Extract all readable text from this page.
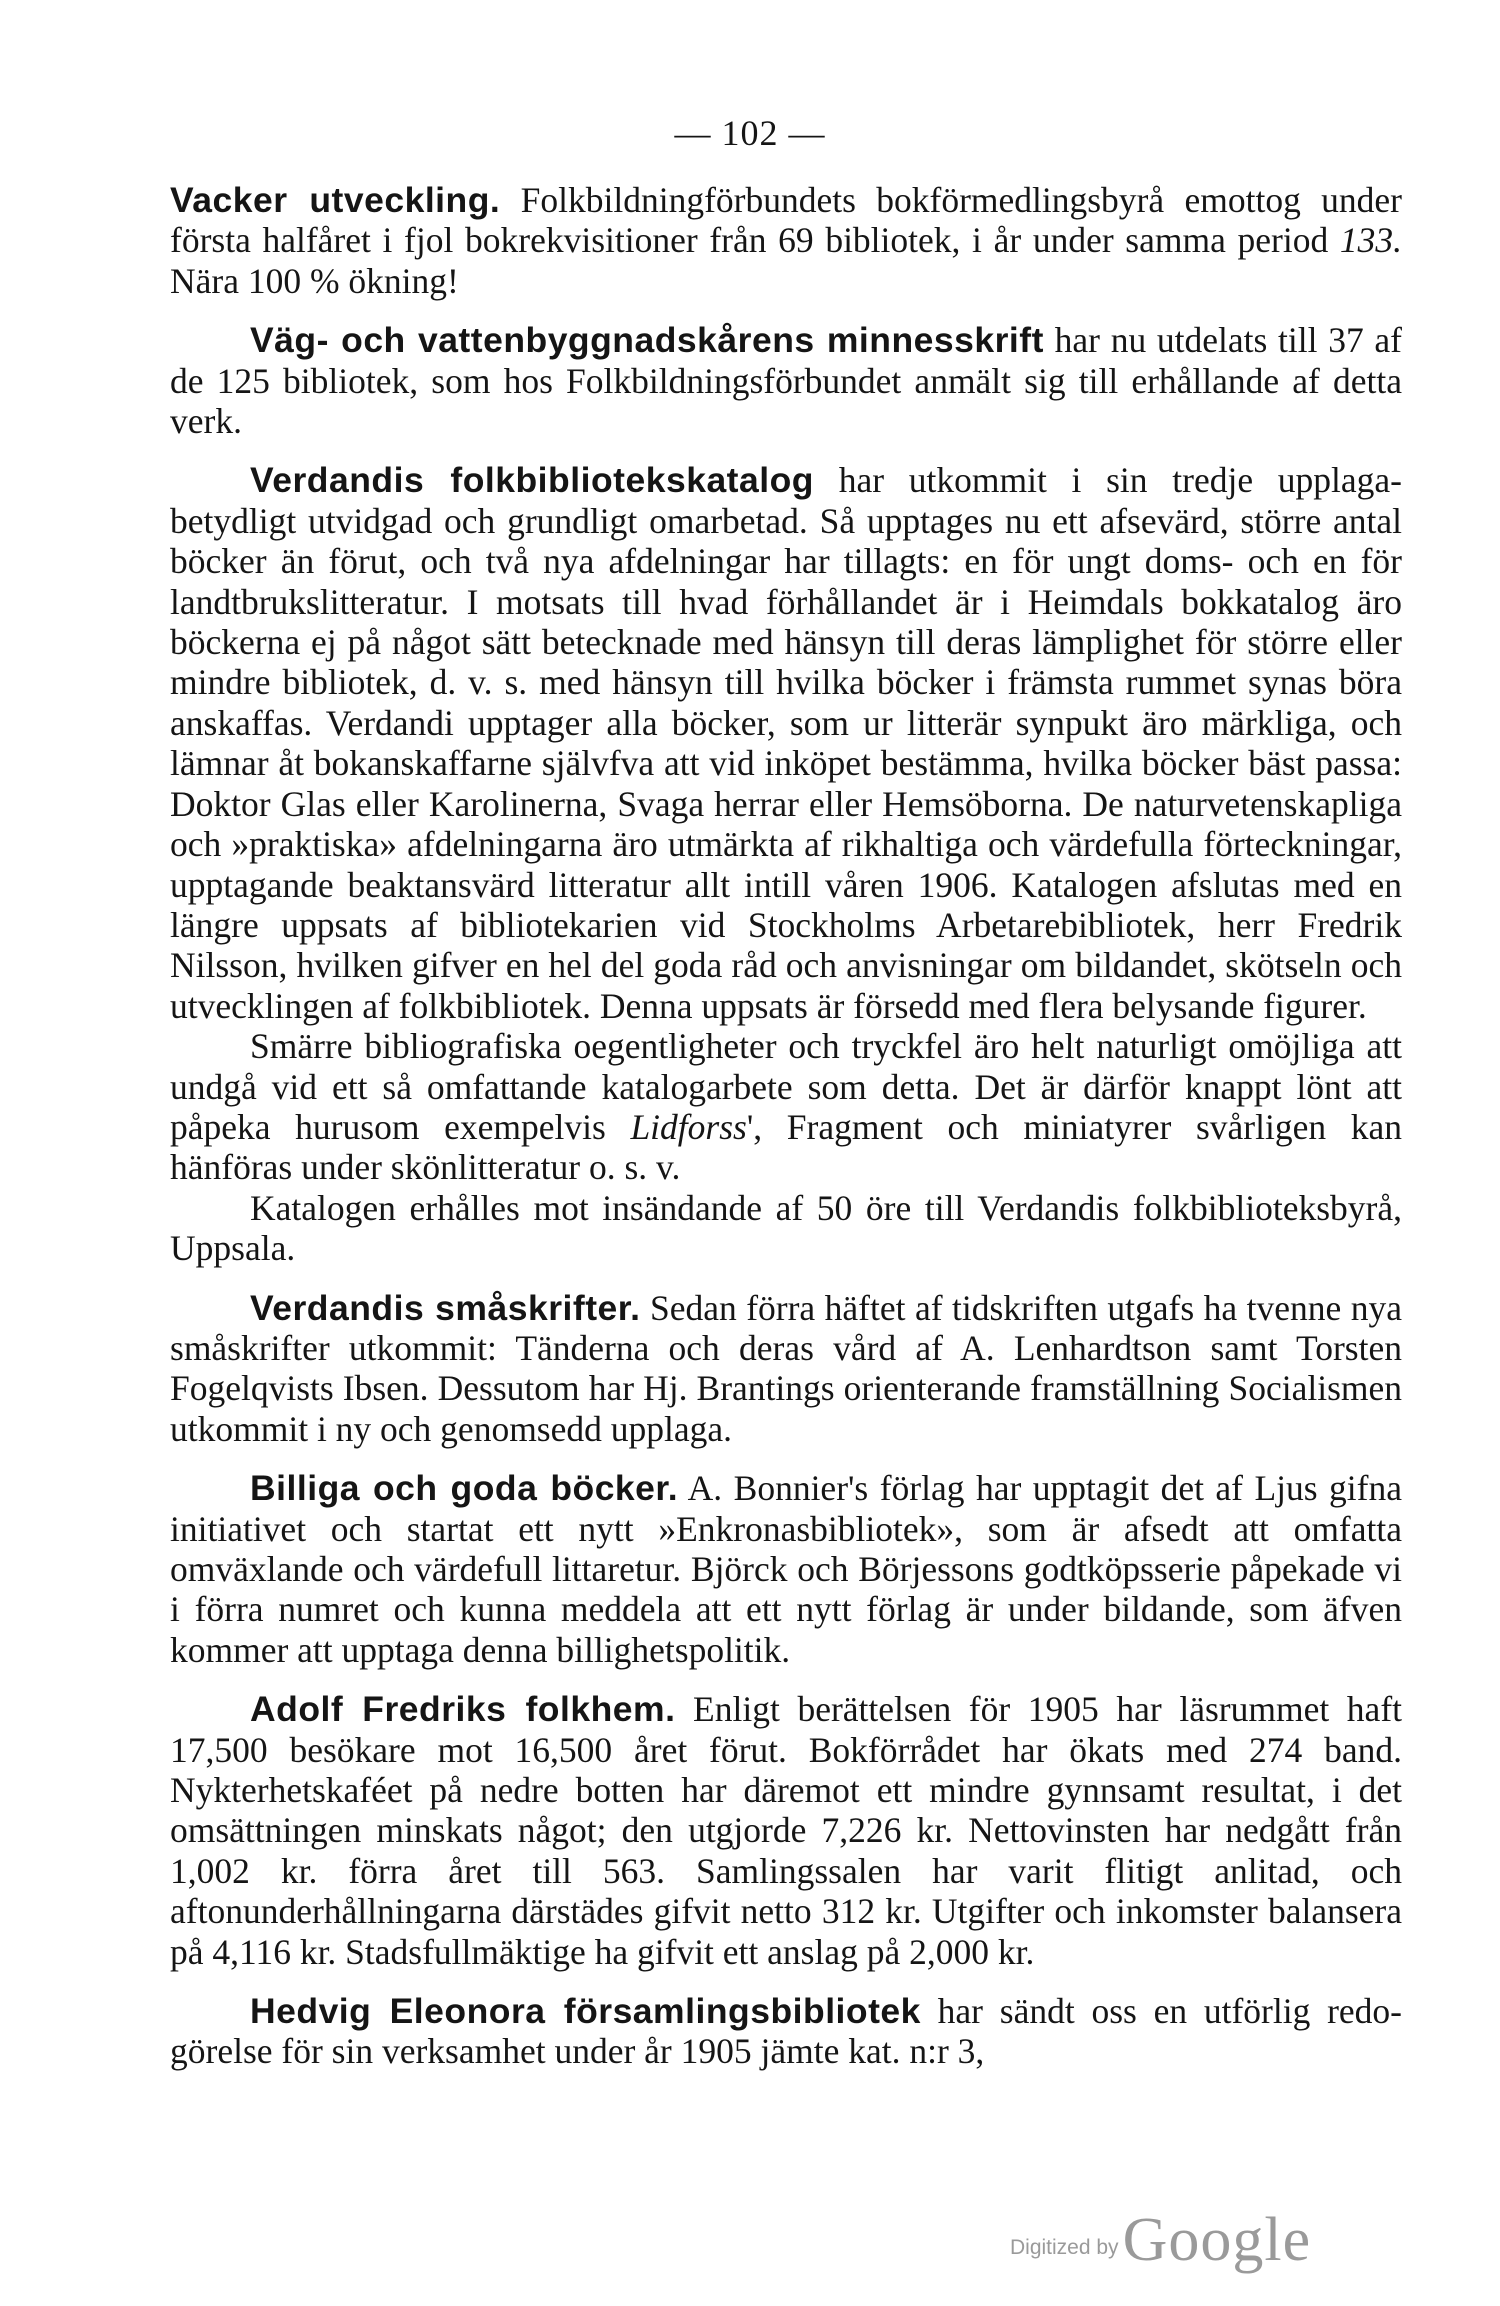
— 102 —

Vacker utveckling. Folkbildningförbundets bokförmedlingsbyrå emottog under första halfåret i fjol bokrekvisitioner från 69 bibliotek, i år under samma period 133. Nära 100 % ökning!

Väg- och vattenbyggnadskårens minnesskrift har nu utdelats till 37 af de 125 bibliotek, som hos Folkbildningsförbundet anmält sig till erhållande af detta verk.

Verdandis folkbibliotekskatalog har utkommit i sin tredje upplagabetydligt utvidgad och grundligt omarbetad. Så upptages nu ett afsevärd, större antal böcker än förut, och två nya afdelningar har tillagts: en för ungt doms- och en för landtbrukslitteratur. I motsats till hvad förhållandet är i Heimdals bokkatalog äro böckerna ej på något sätt betecknade med hänsyn till deras lämplighet för större eller mindre bibliotek, d. v. s. med hänsyn till hvilka böcker i främsta rummet synas böra anskaffas. Verdandi upptager alla böcker, som ur litterär synpukt äro märkliga, och lämnar åt bokanskaffarne självfva att vid inköpet bestämma, hvilka böcker bäst passa: Doktor Glas eller Karolinerna, Svaga herrar eller Hemsöborna. De naturvetenskapliga och »praktiska» afdelningarna äro utmärkta af rikhaltiga och värdefulla förteckningar, upptagande beaktansvärd litteratur allt intill våren 1906. Katalogen afslutas med en längre uppsats af bibliotekarien vid Stockholms Arbetarebibliotek, herr Fredrik Nilsson, hvilken gifver en hel del goda råd och anvisningar om bildandet, skötseln och utvecklingen af folkbibliotek. Denna uppsats är försedd med flera belysande figurer.

Smärre bibliografiska oegentligheter och tryckfel äro helt naturligt omöjliga att undgå vid ett så omfattande katalogarbete som detta. Det är därför knappt lönt att påpeka hurusom exempelvis Lidforss', Fragment och miniatyrer svårligen kan hänföras under skönlitteratur o. s. v.

Katalogen erhålles mot insändande af 50 öre till Verdandis folkbiblioteksbyrå, Uppsala.

Verdandis småskrifter. Sedan förra häftet af tidskriften utgafs ha tvenne nya småskrifter utkommit: Tänderna och deras vård af A. Lenhardtson samt Torsten Fogelqvists Ibsen. Dessutom har Hj. Brantings orienterande framställning Socialismen utkommit i ny och genomsedd upplaga.

Billiga och goda böcker. A. Bonnier's förlag har upptagit det af Ljus gifna initiativet och startat ett nytt »Enkronasbibliotek», som är afsedt att omfatta omväxlande och värdefull littaretur. Björck och Börjessons godtköpsserie påpekade vi i förra numret och kunna meddela att ett nytt förlag är under bildande, som äfven kommer att upptaga denna billighetspolitik.

Adolf Fredriks folkhem. Enligt berättelsen för 1905 har läsrummet haft 17,500 besökare mot 16,500 året förut. Bokförrådet har ökats med 274 band. Nykterhetskaféet på nedre botten har däremot ett mindre gynnsamt resultat, i det omsättningen minskats något; den utgjorde 7,226 kr. Nettovinsten har nedgått från 1,002 kr. förra året till 563. Samlingssalen har varit flitigt anlitad, och aftonunderhållningarna därstädes gifvit netto 312 kr. Utgifter och inkomster balansera på 4,116 kr. Stadsfullmäktige ha gifvit ett anslag på 2,000 kr.

Hedvig Eleonora församlingsbibliotek har sändt oss en utförlig redogörelse för sin verksamhet under år 1905 jämte kat. n:r 3,

Digitized by Google
